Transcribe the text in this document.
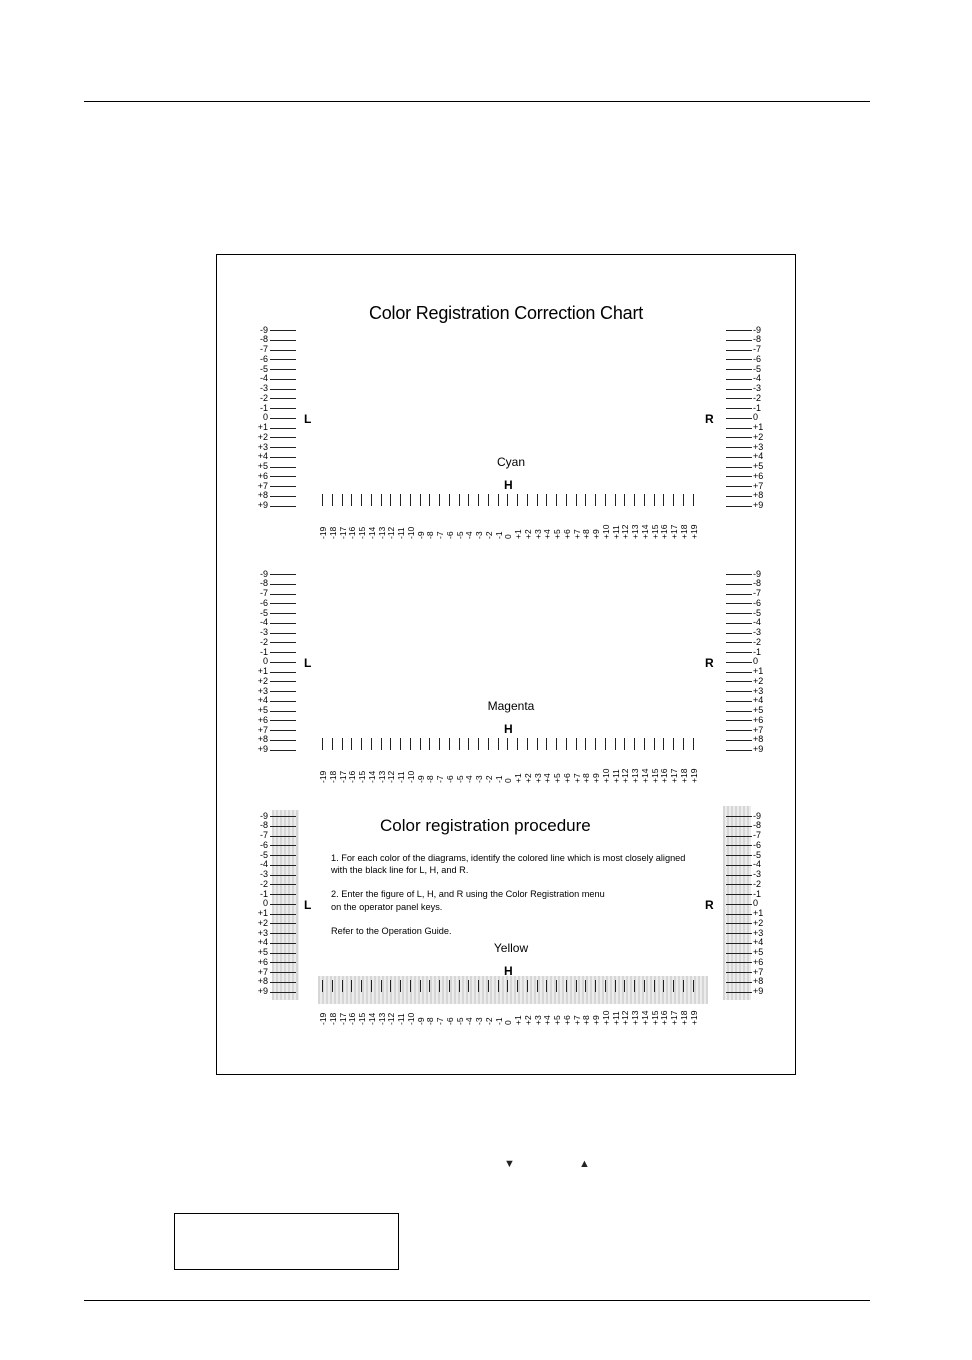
Color Registration Correction Chart
Color registration procedure
1. For each color of the diagrams, identify the colored line which is most closely aligned
with the black line for L, H, and R.
2. Enter the figure of L, H, and R using the Color Registration menu
on the operator panel keys.
Refer to the Operation Guide.
-9	-9
-8	-8
-7	-7
-6	-6
-5	-5
-4	-4
-3	-3
-2	-2
-1	-1
0	0
+1	+1
+2	+2
+3	+3
+4	+4
+5	+5
+6	+6
+7	+7
+8	+8
+9	+9
L	R
Cyan
H
-19 -18 -17 -16 -15 -14 -13 -12 -11 -10 -9 -8 -7 -6 -5 -4 -3 -2 -1 0 +1 +2 +3 +4 +5 +6 +7 +8 +9 +10 +11 +12 +13 +14 +15 +16 +17 +18 +19
-9	-9
-8	-8
-7	-7
-6	-6
-5	-5
-4	-4
-3	-3
-2	-2
-1	-1
0	0
+1	+1
+2	+2
+3	+3
+4	+4
+5	+5
+6	+6
+7	+7
+8	+8
+9	+9
L	R
Magenta
H
-19 -18 -17 -16 -15 -14 -13 -12 -11 -10 -9 -8 -7 -6 -5 -4 -3 -2 -1 0 +1 +2 +3 +4 +5 +6 +7 +8 +9 +10 +11 +12 +13 +14 +15 +16 +17 +18 +19
-9	-9
-8	-8
-7	-7
-6	-6
-5	-5
-4	-4
-3	-3
-2	-2
-1	-1
0	0
+1	+1
+2	+2
+3	+3
+4	+4
+5	+5
+6	+6
+7	+7
+8	+8
+9	+9
L	R
Yellow
H
-19 -18 -17 -16 -15 -14 -13 -12 -11 -10 -9 -8 -7 -6 -5 -4 -3 -2 -1 0 +1 +2 +3 +4 +5 +6 +7 +8 +9 +10 +11 +12 +13 +14 +15 +16 +17 +18 +19
▼	▲
